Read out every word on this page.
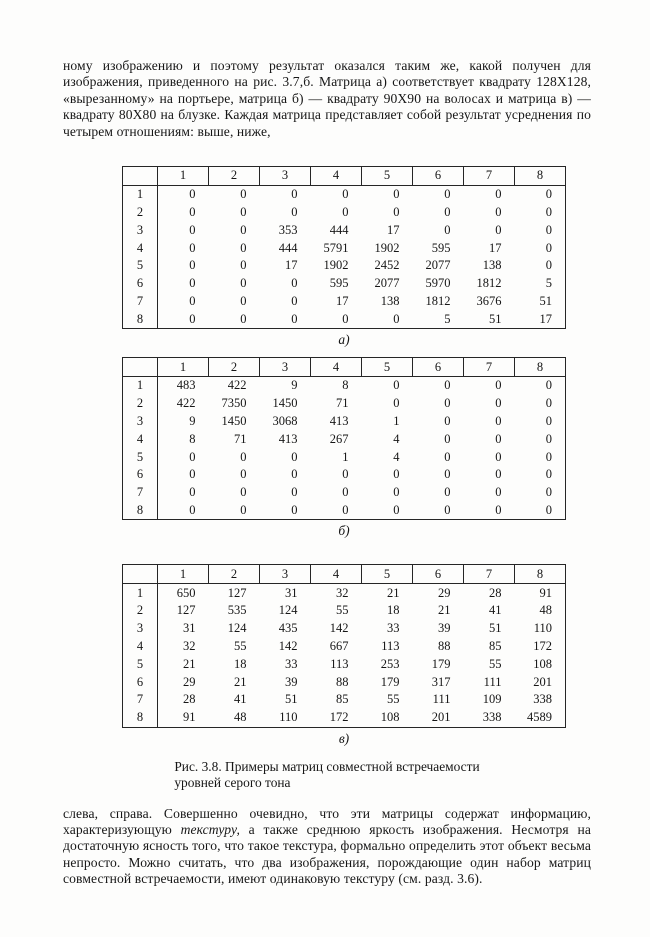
ному изображению и поэтому результат оказался таким же, какой получен для изображения, приведенного на рис. 3.7,б. Матрица а) соответствует квадрату 128X128, «вырезанному» на портьере, матрица б) — квадрату 90X90 на волосах и матрица в) — квадрату 80X80 на блузке. Каждая матрица представляет собой результат усреднения по четырем отношениям: выше, ниже,

	1	2	3	4	5	6	7	8
1	0	0	0	0	0	0	0	0
2	0	0	0	0	0	0	0	0
3	0	0	353	444	17	0	0	0
4	0	0	444	5791	1902	595	17	0
5	0	0	17	1902	2452	2077	138	0
6	0	0	0	595	2077	5970	1812	5
7	0	0	0	17	138	1812	3676	51
8	0	0	0	0	0	5	51	17
а)
	1	2	3	4	5	6	7	8
1	483	422	9	8	0	0	0	0
2	422	7350	1450	71	0	0	0	0
3	9	1450	3068	413	1	0	0	0
4	8	71	413	267	4	0	0	0
5	0	0	0	1	4	0	0	0
6	0	0	0	0	0	0	0	0
7	0	0	0	0	0	0	0	0
8	0	0	0	0	0	0	0	0
б)
	1	2	3	4	5	6	7	8
1	650	127	31	32	21	29	28	91
2	127	535	124	55	18	21	41	48
3	31	124	435	142	33	39	51	110
4	32	55	142	667	113	88	85	172
5	21	18	33	113	253	179	55	108
6	29	21	39	88	179	317	111	201
7	28	41	51	85	55	111	109	338
8	91	48	110	172	108	201	338	4589
в)
Рис. 3.8. Примеры матриц совместной встречаемости
уровней серого тона

слева, справа. Совершенно очевидно, что эти матрицы содержат информацию, характеризующую текстуру, а также среднюю яркость изображения. Несмотря на достаточную ясность того, что такое текстура, формально определить этот объект весьма непросто. Можно считать, что два изображения, порождающие один набор матриц совместной встречаемости, имеют одинаковую текстуру (см. разд. 3.6).
